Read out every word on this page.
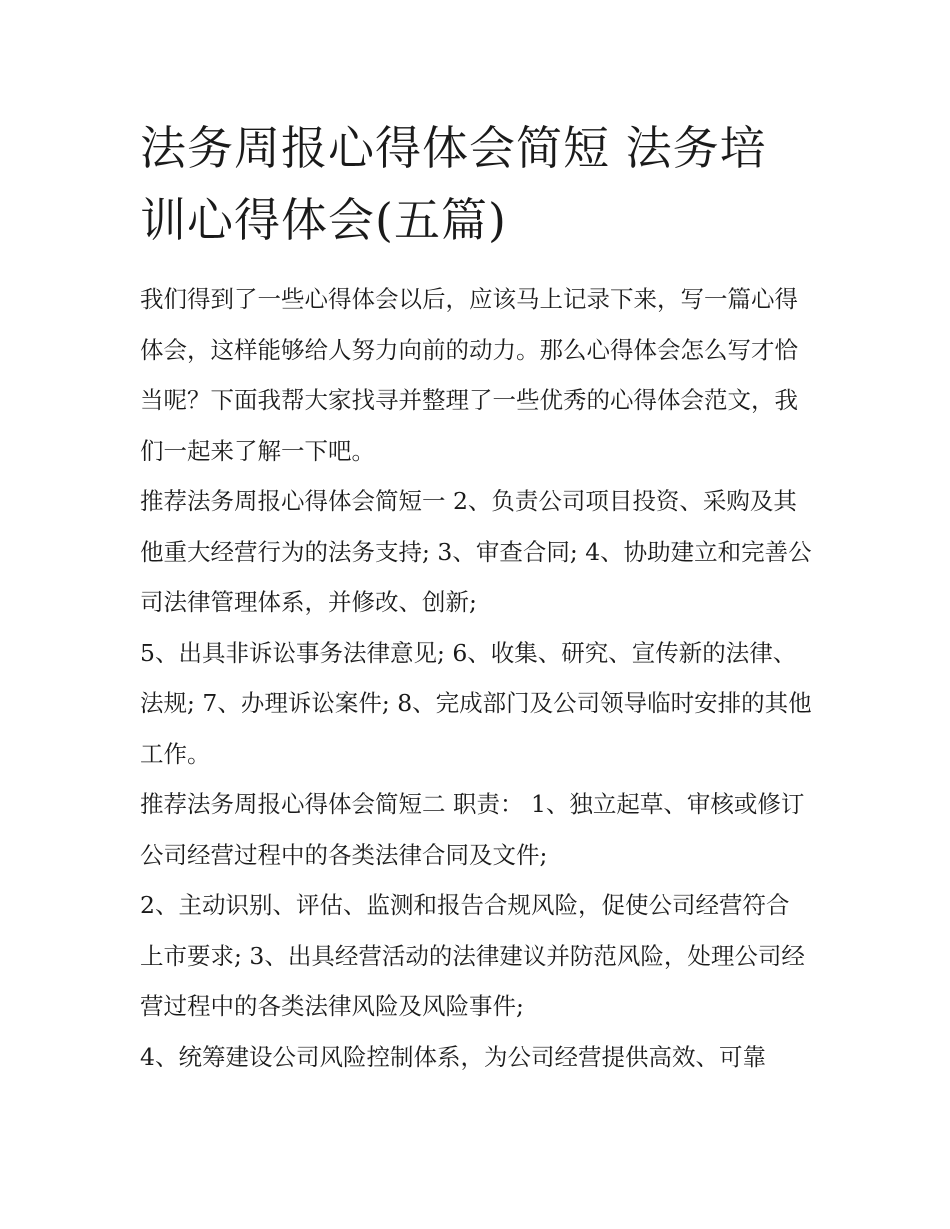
法务周报心得体会简短 法务培训心得体会(五篇)

我们得到了一些心得体会以后，应该马上记录下来，写一篇心得体会，这样能够给人努力向前的动力。那么心得体会怎么写才恰当呢？下面我帮大家找寻并整理了一些优秀的心得体会范文，我们一起来了解一下吧。

推荐法务周报心得体会简短一 2、负责公司项目投资、采购及其他重大经营行为的法务支持; 3、审查合同; 4、协助建立和完善公司法律管理体系，并修改、创新;

5、出具非诉讼事务法律意见; 6、收集、研究、宣传新的法律、法规; 7、办理诉讼案件; 8、完成部门及公司领导临时安排的其他工作。

推荐法务周报心得体会简短二 职责： 1、独立起草、审核或修订公司经营过程中的各类法律合同及文件;

2、主动识别、评估、监测和报告合规风险，促使公司经营符合上市要求; 3、出具经营活动的法律建议并防范风险，处理公司经营过程中的各类法律风险及风险事件;

4、统筹建设公司风险控制体系，为公司经营提供高效、可靠
